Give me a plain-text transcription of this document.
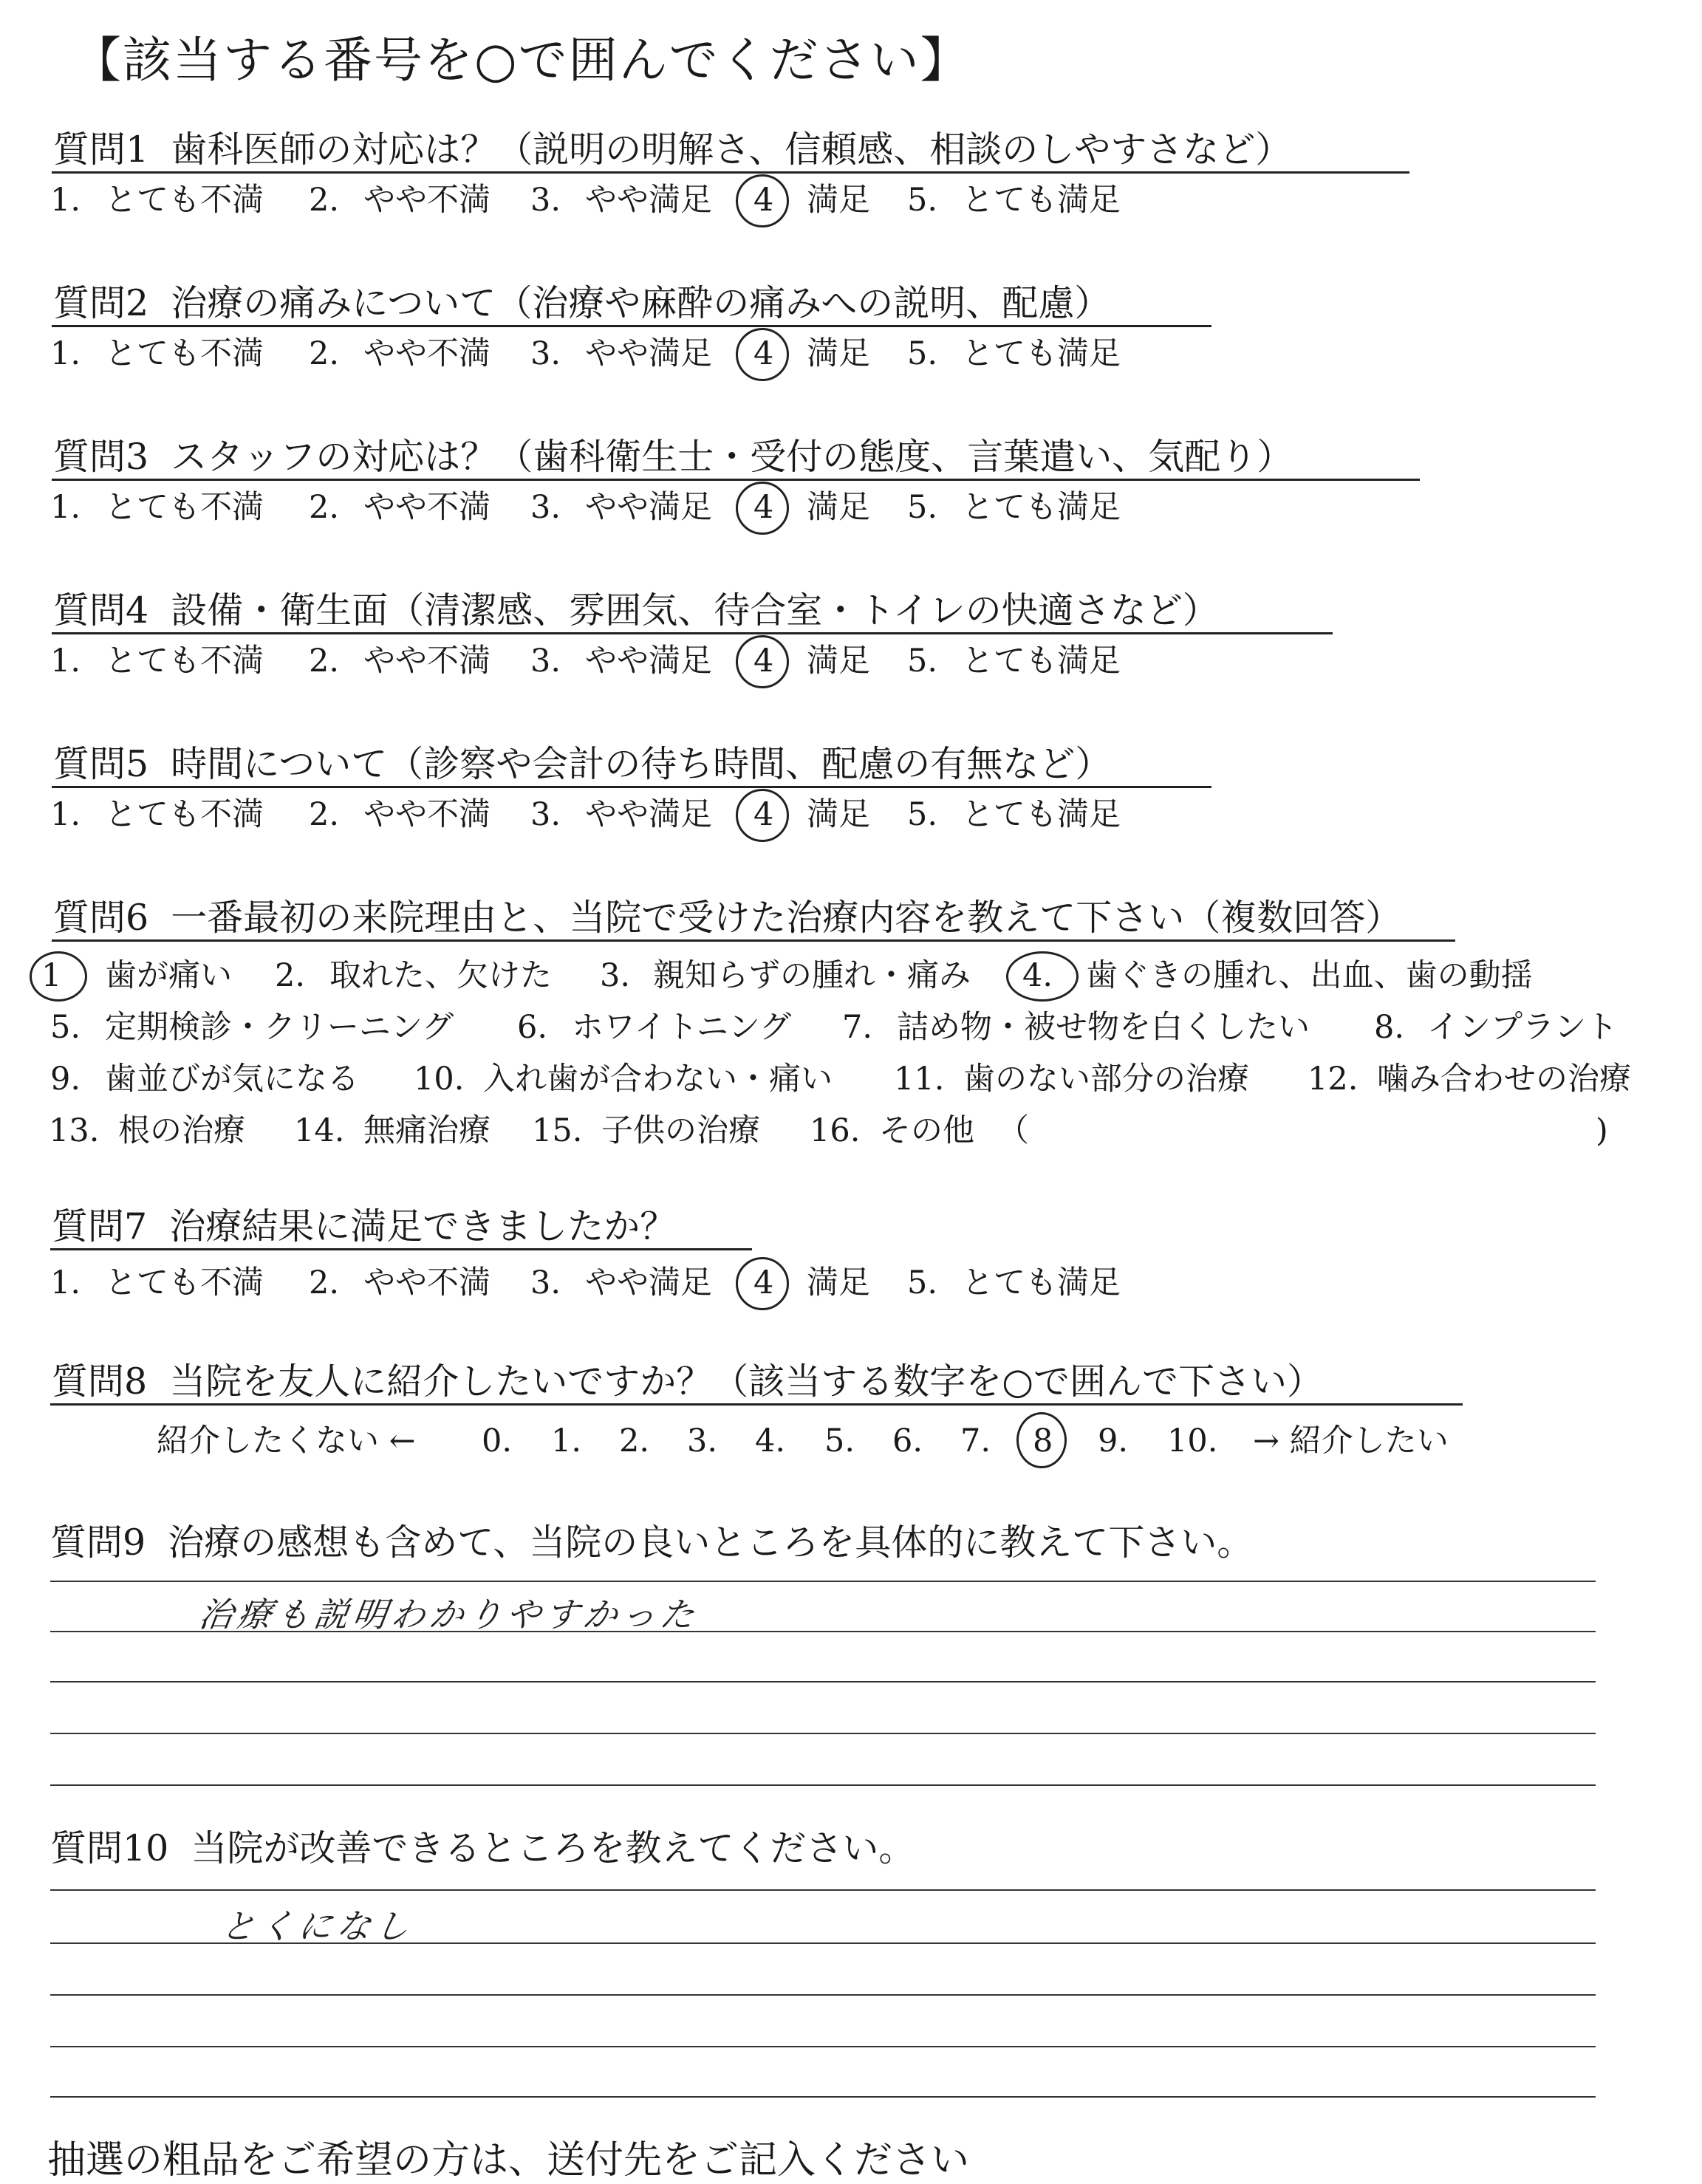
【該当する番号を○で囲んでください】
質問1 歯科医師の対応は？（説明の明解さ、信頼感、相談のしやすさなど）
質問2 治療の痛みについて（治療や麻酔の痛みへの説明、配慮）
質問3 スタッフの対応は？（歯科衛生士・受付の態度、言葉遣い、気配り）
質問4 設備・衛生面（清潔感、雰囲気、待合室・トイレの快適さなど）
質問5 時間について（診察や会計の待ち時間、配慮の有無など）
質問6 一番最初の来院理由と、当院で受けた治療内容を教えて下さい（複数回答）
質問7 治療結果に満足できましたか？
質問8 当院を友人に紹介したいですか？（該当する数字を○で囲んで下さい）
質問9 治療の感想も含めて、当院の良いところを具体的に教えて下さい。
質問10 当院が改善できるところを教えてください。
1. とても不満 2. やや不満 3. やや満足 4 満足 5. とても満足
1. とても不満 2. やや不満 3. やや満足 4 満足 5. とても満足
1. とても不満 2. やや不満 3. やや満足 4 満足 5. とても満足
1. とても不満 2. やや不満 3. やや満足 4 満足 5. とても満足
1. とても不満 2. やや不満 3. やや満足 4 満足 5. とても満足
1. とても不満 2. やや不満 3. やや満足 4 満足 5. とても満足
1 歯が痛い 2. 取れた、欠けた 3. 親知らずの腫れ・痛み 4. 歯ぐきの腫れ、出血、歯の動揺
5. 定期検診・クリーニング 6. ホワイトニング 7. 詰め物・被せ物を白くしたい 8. インプラント
9. 歯並びが気になる 10. 入れ歯が合わない・痛い 11. 歯のない部分の治療 12. 噛み合わせの治療
13. 根の治療 14. 無痛治療 15. 子供の治療 16. その他 （	)
紹介したくない ← 0. 1. 2. 3. 4. 5. 6. 7. 8 9. 10. → 紹介したい
治療も説明わかりやすかった
とくになし
抽選の粗品をご希望の方は、送付先をご記入ください
